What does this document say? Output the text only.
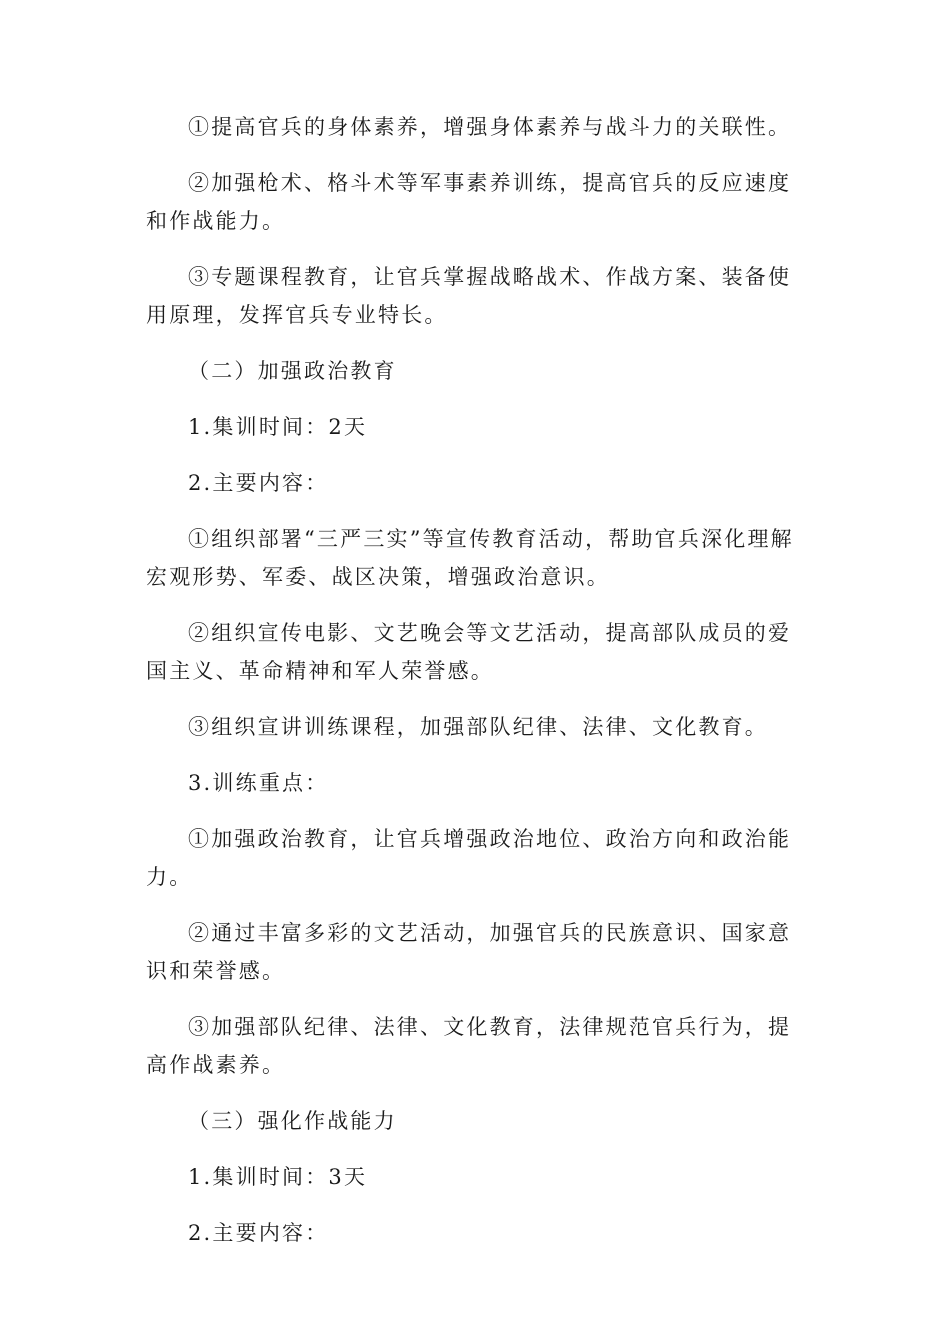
①提高官兵的身体素养，增强身体素养与战斗力的关联性。

②加强枪术、格斗术等军事素养训练，提高官兵的反应速度和作战能力。

③专题课程教育，让官兵掌握战略战术、作战方案、装备使用原理，发挥官兵专业特长。

（二）加强政治教育

1.集训时间：2天

2.主要内容：

①组织部署“三严三实”等宣传教育活动，帮助官兵深化理解宏观形势、军委、战区决策，增强政治意识。

②组织宣传电影、文艺晚会等文艺活动，提高部队成员的爱国主义、革命精神和军人荣誉感。

③组织宣讲训练课程，加强部队纪律、法律、文化教育。

3.训练重点：

①加强政治教育，让官兵增强政治地位、政治方向和政治能力。

②通过丰富多彩的文艺活动，加强官兵的民族意识、国家意识和荣誉感。

③加强部队纪律、法律、文化教育，法律规范官兵行为，提高作战素养。

（三）强化作战能力

1.集训时间：3天

2.主要内容：
